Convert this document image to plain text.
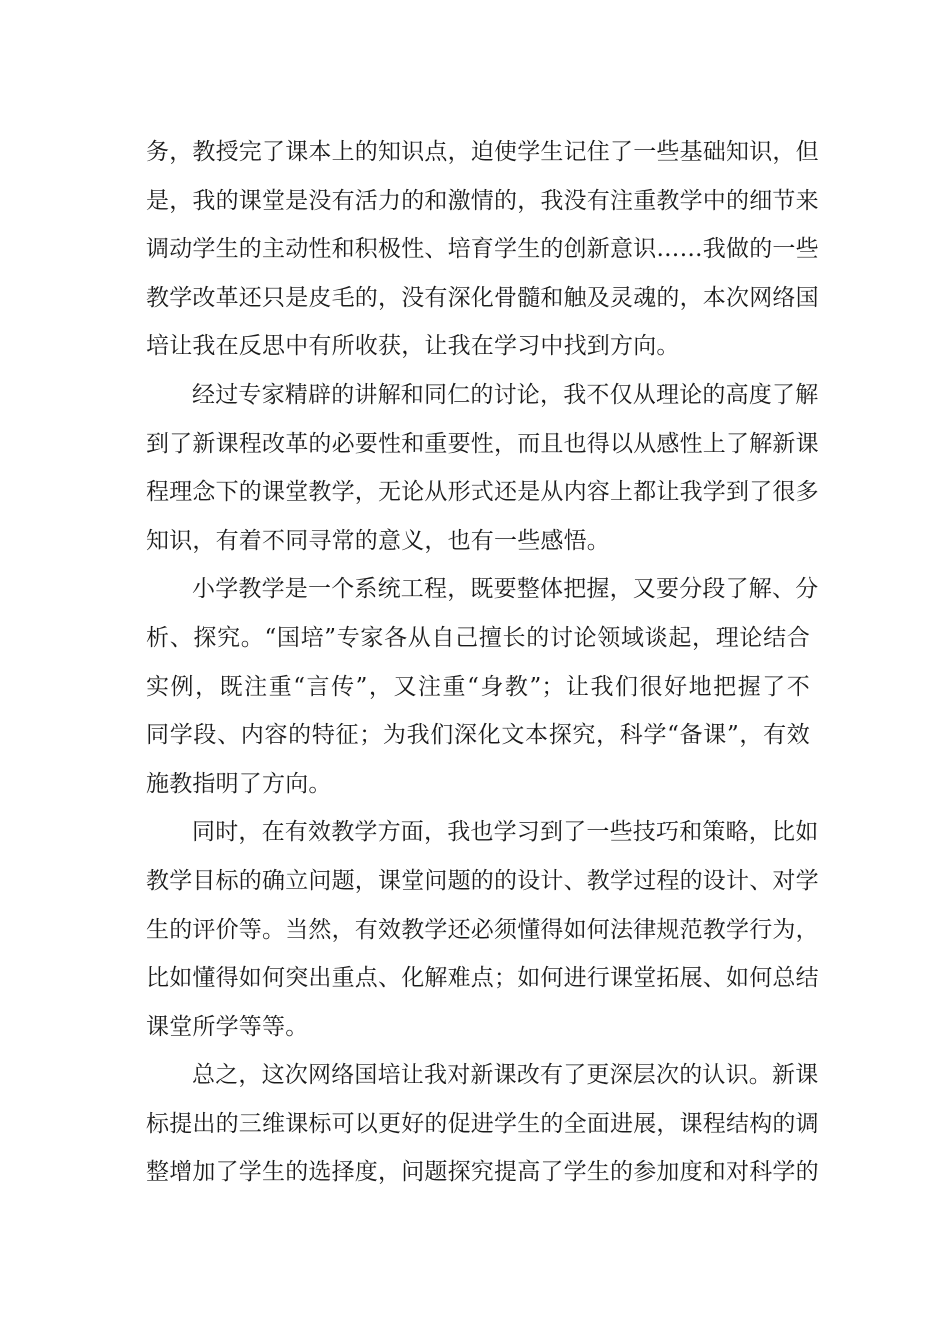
务，教授完了课本上的知识点，迫使学生记住了一些基础知识，但
是，我的课堂是没有活力的和激情的，我没有注重教学中的细节来
调动学生的主动性和积极性、培育学生的创新意识……我做的一些
教学改革还只是皮毛的，没有深化骨髓和触及灵魂的，本次网络国
培让我在反思中有所收获，让我在学习中找到方向。
经过专家精辟的讲解和同仁的讨论，我不仅从理论的高度了解
到了新课程改革的必要性和重要性，而且也得以从感性上了解新课
程理念下的课堂教学，无论从形式还是从内容上都让我学到了很多
知识，有着不同寻常的意义，也有一些感悟。
小学教学是一个系统工程，既要整体把握，又要分段了解、分
析、探究。“国培”专家各从自己擅长的讨论领域谈起，理论结合
实例，既注重“言传”，又注重“身教”；让我们很好地把握了不
同学段、内容的特征；为我们深化文本探究，科学“备课”，有效
施教指明了方向。
同时，在有效教学方面，我也学习到了一些技巧和策略，比如
教学目标的确立问题，课堂问题的的设计、教学过程的设计、对学
生的评价等。当然，有效教学还必须懂得如何法律规范教学行为，
比如懂得如何突出重点、化解难点；如何进行课堂拓展、如何总结
课堂所学等等。
总之，这次网络国培让我对新课改有了更深层次的认识。新课
标提出的三维课标可以更好的促进学生的全面进展，课程结构的调
整增加了学生的选择度，问题探究提高了学生的参加度和对科学的
